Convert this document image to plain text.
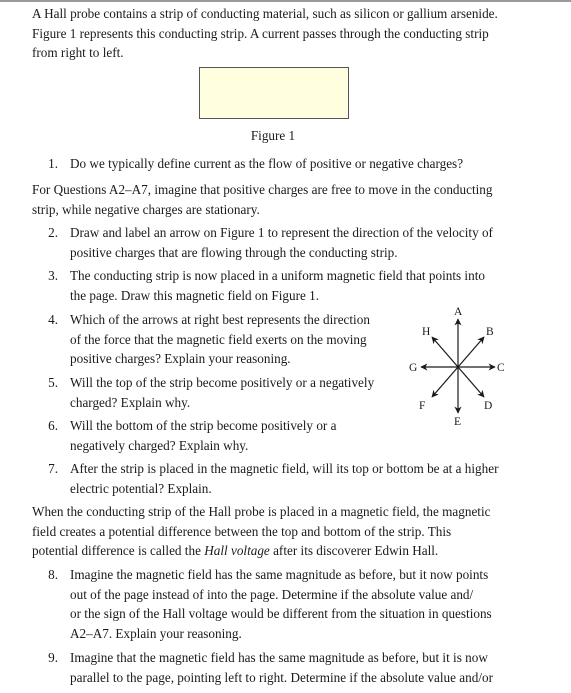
A Hall probe contains a strip of conducting material, such as silicon or gallium arsenide.
Figure 1 represents this conducting strip. A current passes through the conducting strip
from right to left.
Figure 1
1. Do we typically define current as the flow of positive or negative charges?
For Questions A2–A7, imagine that positive charges are free to move in the conducting
strip, while negative charges are stationary.
2. Draw and label an arrow on Figure 1 to represent the direction of the velocity of
positive charges that are flowing through the conducting strip.
3. The conducting strip is now placed in a uniform magnetic field that points into
the page. Draw this magnetic field on Figure 1.
4. Which of the arrows at right best represents the direction
of the force that the magnetic field exerts on the moving
positive charges? Explain your reasoning.
5. Will the top of the strip become positively or a negatively
charged? Explain why.
6. Will the bottom of the strip become positively or a
negatively charged? Explain why.
A
B
C
D
E
F
G
H
7. After the strip is placed in the magnetic field, will its top or bottom be at a higher
electric potential? Explain.
When the conducting strip of the Hall probe is placed in a magnetic field, the magnetic
field creates a potential difference between the top and bottom of the strip. This
potential difference is called the Hall voltage after its discoverer Edwin Hall.
8. Imagine the magnetic field has the same magnitude as before, but it now points
out of the page instead of into the page. Determine if the absolute value and/
or the sign of the Hall voltage would be different from the situation in questions
A2–A7. Explain your reasoning.
9. Imagine that the magnetic field has the same magnitude as before, but it is now
parallel to the page, pointing left to right. Determine if the absolute value and/or
